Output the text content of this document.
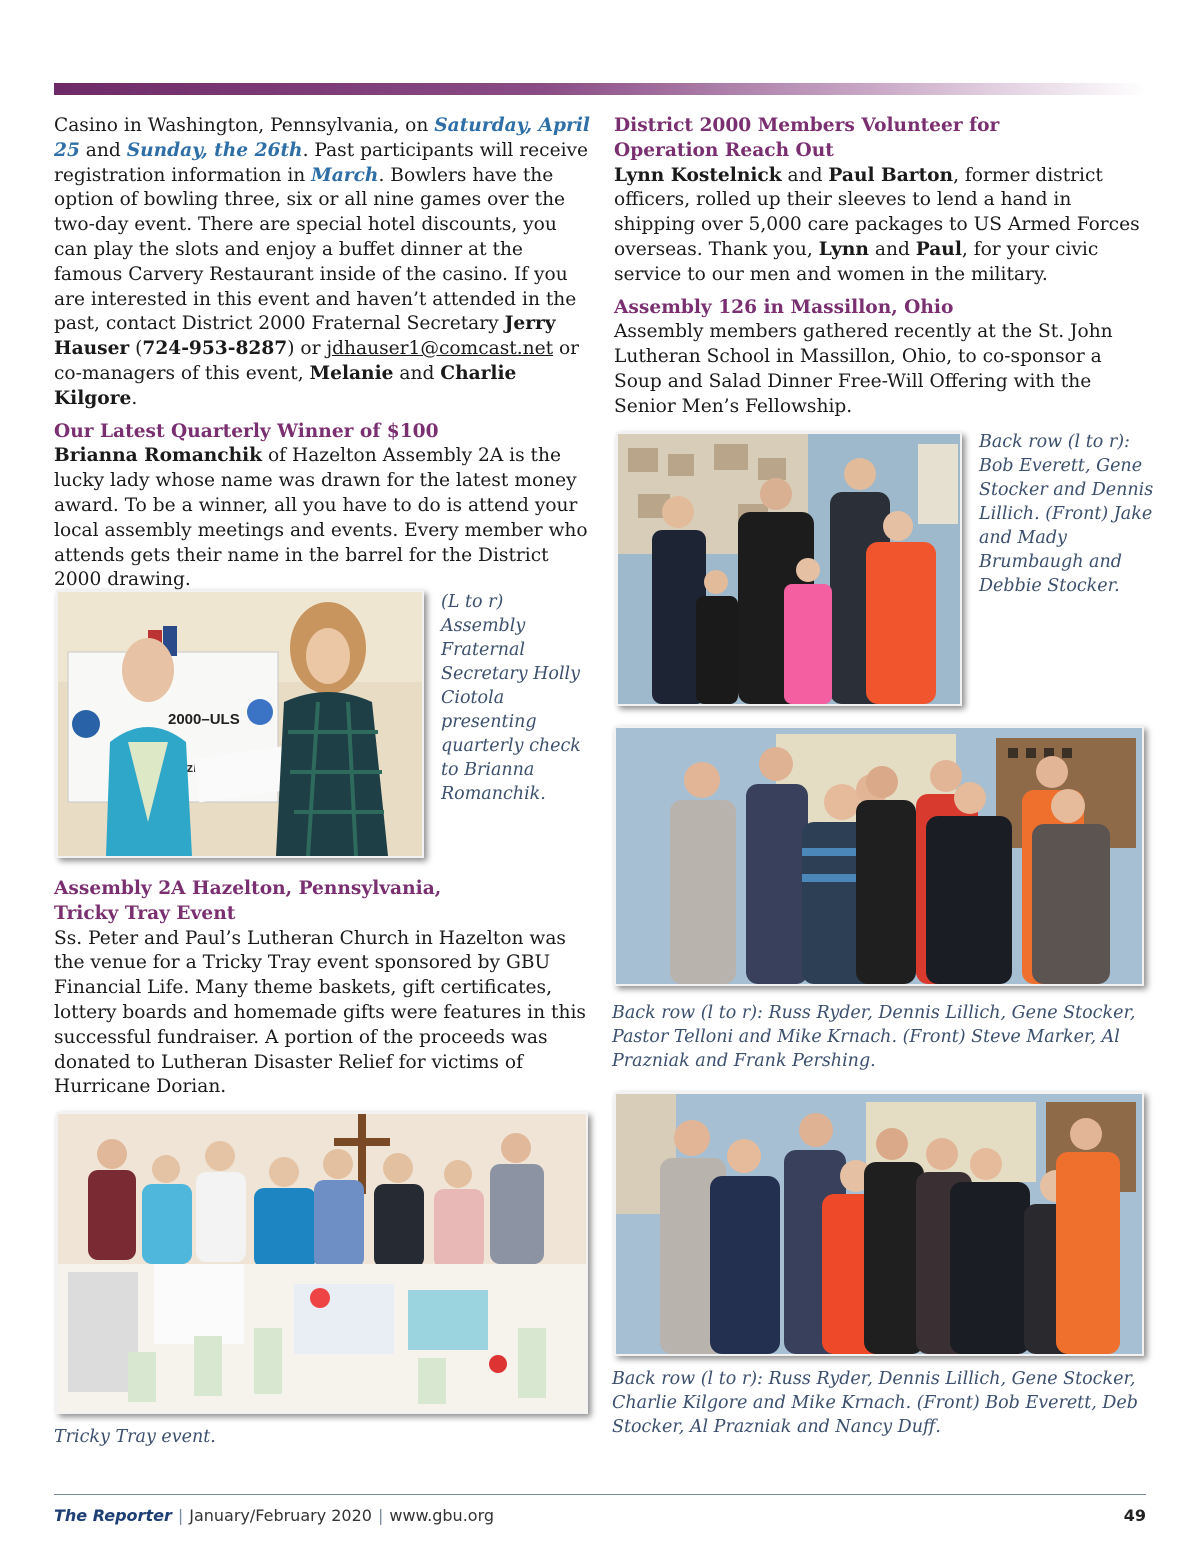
Casino in Washington, Pennsylvania, on Saturday, April 25 and Sunday, the 26th. Past participants will receive registration information in March. Bowlers have the option of bowling three, six or all nine games over the two-day event. There are special hotel discounts, you can play the slots and enjoy a buffet dinner at the famous Carvery Restaurant inside of the casino. If you are interested in this event and haven’t attended in the past, contact District 2000 Fraternal Secretary Jerry Hauser (724-953-8287) or jdhauser1@comcast.net or co-managers of this event, Melanie and Charlie Kilgore.

Our Latest Quarterly Winner of $100

Brianna Romanchik of Hazelton Assembly 2A is the lucky lady whose name was drawn for the latest money award. To be a winner, all you have to do is attend your local assembly meetings and events. Every member who attends gets their name in the barrel for the District 2000 drawing.

2000–ULS
(L to r) Assembly Fraternal Secretary Holly Ciotola presenting quarterly check to Brianna Romanchik.

Assembly 2A Hazelton, Pennsylvania,

Tricky Tray Event

Ss. Peter and Paul’s Lutheran Church in Hazelton was the venue for a Tricky Tray event sponsored by GBU Financial Life. Many theme baskets, gift certificates, lottery boards and homemade gifts were features in this successful fundraiser. A portion of the proceeds was donated to Lutheran Disaster Relief for victims of Hurricane Dorian.

Tricky Tray event.

District 2000 Members Volunteer for

Operation Reach Out

Lynn Kostelnick and Paul Barton, former district officers, rolled up their sleeves to lend a hand in shipping over 5,000 care packages to US Armed Forces overseas. Thank you, Lynn and Paul, for your civic service to our men and women in the military.

Assembly 126 in Massillon, Ohio

Assembly members gathered recently at the St. John Lutheran School in Massillon, Ohio, to co-sponsor a Soup and Salad Dinner Free-Will Offering with the Senior Men’s Fellowship.

Back row (l to r): Bob Everett, Gene Stocker and Dennis Lillich. (Front) Jake and Mady Brumbaugh and Debbie Stocker.
Back row (l to r): Russ Ryder, Dennis Lillich, Gene Stocker, Pastor Telloni and Mike Krnach. (Front) Steve Marker, Al Prazniak and Frank Pershing.
Back row (l to r): Russ Ryder, Dennis Lillich, Gene Stocker, Charlie Kilgore and Mike Krnach. (Front) Bob Everett, Deb Stocker, Al Prazniak and Nancy Duff.
The Reporter | January/February 2020 | www.gbu.org	49
